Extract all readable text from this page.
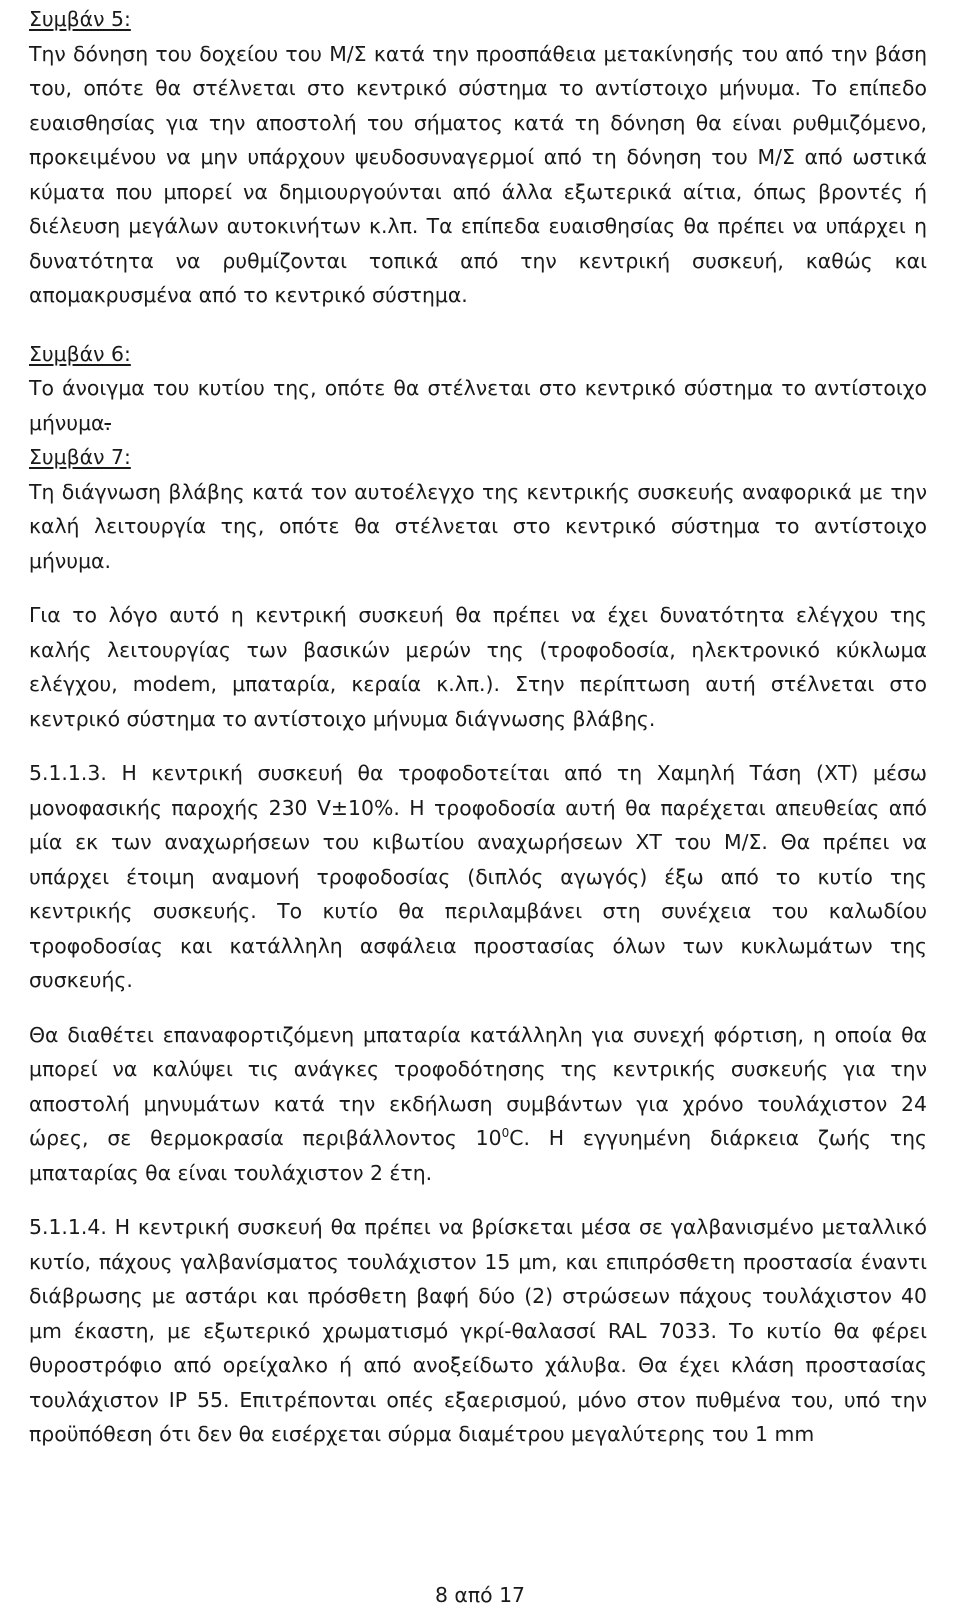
Συμβάν 5:

Την δόνηση του δοχείου του Μ/Σ κατά την προσπάθεια μετακίνησής του από την βάση του, οπότε θα στέλνεται στο κεντρικό σύστημα το αντίστοιχο μήνυμα. Το επίπεδο ευαισθησίας για την αποστολή του σήματος κατά τη δόνηση θα είναι ρυθμιζόμενο, προκειμένου να μην υπάρχουν ψευδοσυναγερμοί από τη δόνηση του Μ/Σ από ωστικά κύματα που μπορεί να δημιουργούνται από άλλα εξωτερικά αίτια, όπως βροντές ή διέλευση μεγάλων αυτοκινήτων κ.λπ. Τα επίπεδα ευαισθησίας θα πρέπει να υπάρχει η δυνατότητα να ρυθμίζονται τοπικά από την κεντρική συσκευή, καθώς και απομακρυσμένα από το κεντρικό σύστημα.

Συμβάν 6:

Το άνοιγμα του κυτίου της, οπότε θα στέλνεται στο κεντρικό σύστημα το αντίστοιχο μήνυμα.

Συμβάν 7:

Τη διάγνωση βλάβης κατά τον αυτοέλεγχο της κεντρικής συσκευής αναφορικά με την καλή λειτουργία της, οπότε θα στέλνεται στο κεντρικό σύστημα το αντίστοιχο μήνυμα.

Για το λόγο αυτό η κεντρική συσκευή θα πρέπει να έχει δυνατότητα ελέγχου της καλής λειτουργίας των βασικών μερών της (τροφοδοσία, ηλεκτρονικό κύκλωμα ελέγχου, modem, μπαταρία, κεραία κ.λπ.). Στην περίπτωση αυτή στέλνεται στο κεντρικό σύστημα το αντίστοιχο μήνυμα διάγνωσης βλάβης.

5.1.1.3. Η κεντρική συσκευή θα τροφοδοτείται από τη Χαμηλή Τάση (ΧΤ) μέσω μονοφασικής παροχής 230 V±10%. Η τροφοδοσία αυτή θα παρέχεται απευθείας από μία εκ των αναχωρήσεων του κιβωτίου αναχωρήσεων ΧΤ του Μ/Σ. Θα πρέπει να υπάρχει έτοιμη αναμονή τροφοδοσίας (διπλός αγωγός) έξω από το κυτίο της κεντρικής συσκευής. Το κυτίο θα περιλαμβάνει στη συνέχεια του καλωδίου τροφοδοσίας και κατάλληλη ασφάλεια προστασίας όλων των κυκλωμάτων της συσκευής.

Θα διαθέτει επαναφορτιζόμενη μπαταρία κατάλληλη για συνεχή φόρτιση, η οποία θα μπορεί να καλύψει τις ανάγκες τροφοδότησης της κεντρικής συσκευής για την αποστολή μηνυμάτων κατά την εκδήλωση συμβάντων για χρόνο τουλάχιστον 24 ώρες, σε θερμοκρασία περιβάλλοντος $10^0C$. Η εγγυημένη διάρκεια ζωής της μπαταρίας θα είναι τουλάχιστον 2 έτη.

5.1.1.4. Η κεντρική συσκευή θα πρέπει να βρίσκεται μέσα σε γαλβανισμένο μεταλλικό κυτίο, πάχους γαλβανίσματος τουλάχιστον 15 μm, και επιπρόσθετη προστασία έναντι διάβρωσης με αστάρι και πρόσθετη βαφή δύο (2) στρώσεων πάχους τουλάχιστον 40 μm έκαστη, με εξωτερικό χρωματισμό γκρί-θαλασσί RAL 7033. Το κυτίο θα φέρει θυροστρόφιο από ορείχαλκο ή από ανοξείδωτο χάλυβα. Θα έχει κλάση προστασίας τουλάχιστον IP 55. Επιτρέπονται οπές εξαερισμού, μόνο στον πυθμένα του, υπό την προϋπόθεση ότι δεν θα εισέρχεται σύρμα διαμέτρου μεγαλύτερης του 1 mm

8 από 17
